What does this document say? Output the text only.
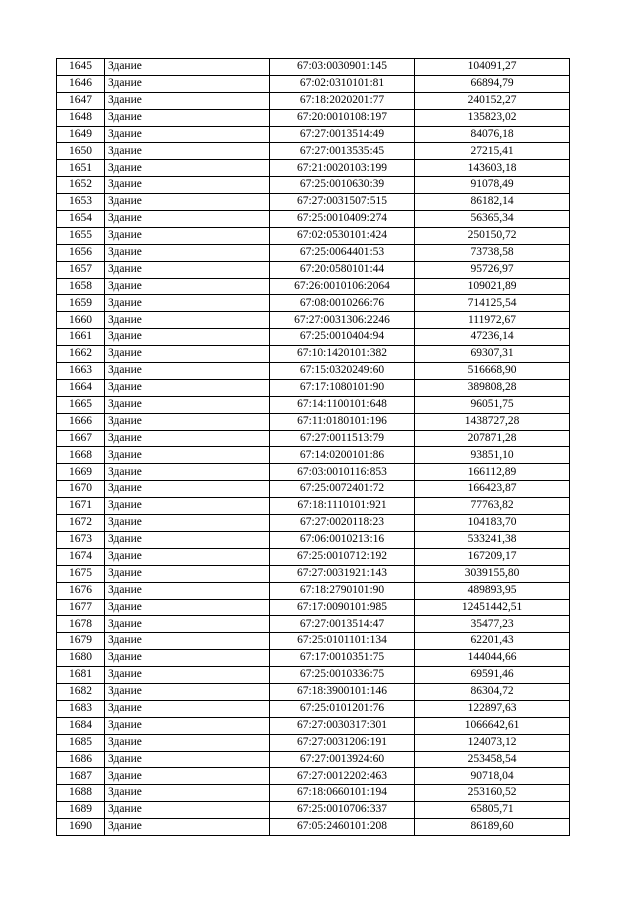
1645	Здание	67:03:0030901:145	104091,27
1646	Здание	67:02:0310101:81	66894,79
1647	Здание	67:18:2020201:77	240152,27
1648	Здание	67:20:0010108:197	135823,02
1649	Здание	67:27:0013514:49	84076,18
1650	Здание	67:27:0013535:45	27215,41
1651	Здание	67:21:0020103:199	143603,18
1652	Здание	67:25:0010630:39	91078,49
1653	Здание	67:27:0031507:515	86182,14
1654	Здание	67:25:0010409:274	56365,34
1655	Здание	67:02:0530101:424	250150,72
1656	Здание	67:25:0064401:53	73738,58
1657	Здание	67:20:0580101:44	95726,97
1658	Здание	67:26:0010106:2064	109021,89
1659	Здание	67:08:0010266:76	714125,54
1660	Здание	67:27:0031306:2246	111972,67
1661	Здание	67:25:0010404:94	47236,14
1662	Здание	67:10:1420101:382	69307,31
1663	Здание	67:15:0320249:60	516668,90
1664	Здание	67:17:1080101:90	389808,28
1665	Здание	67:14:1100101:648	96051,75
1666	Здание	67:11:0180101:196	1438727,28
1667	Здание	67:27:0011513:79	207871,28
1668	Здание	67:14:0200101:86	93851,10
1669	Здание	67:03:0010116:853	166112,89
1670	Здание	67:25:0072401:72	166423,87
1671	Здание	67:18:1110101:921	77763,82
1672	Здание	67:27:0020118:23	104183,70
1673	Здание	67:06:0010213:16	533241,38
1674	Здание	67:25:0010712:192	167209,17
1675	Здание	67:27:0031921:143	3039155,80
1676	Здание	67:18:2790101:90	489893,95
1677	Здание	67:17:0090101:985	12451442,51
1678	Здание	67:27:0013514:47	35477,23
1679	Здание	67:25:0101101:134	62201,43
1680	Здание	67:17:0010351:75	144044,66
1681	Здание	67:25:0010336:75	69591,46
1682	Здание	67:18:3900101:146	86304,72
1683	Здание	67:25:0101201:76	122897,63
1684	Здание	67:27:0030317:301	1066642,61
1685	Здание	67:27:0031206:191	124073,12
1686	Здание	67:27:0013924:60	253458,54
1687	Здание	67:27:0012202:463	90718,04
1688	Здание	67:18:0660101:194	253160,52
1689	Здание	67:25:0010706:337	65805,71
1690	Здание	67:05:2460101:208	86189,60
